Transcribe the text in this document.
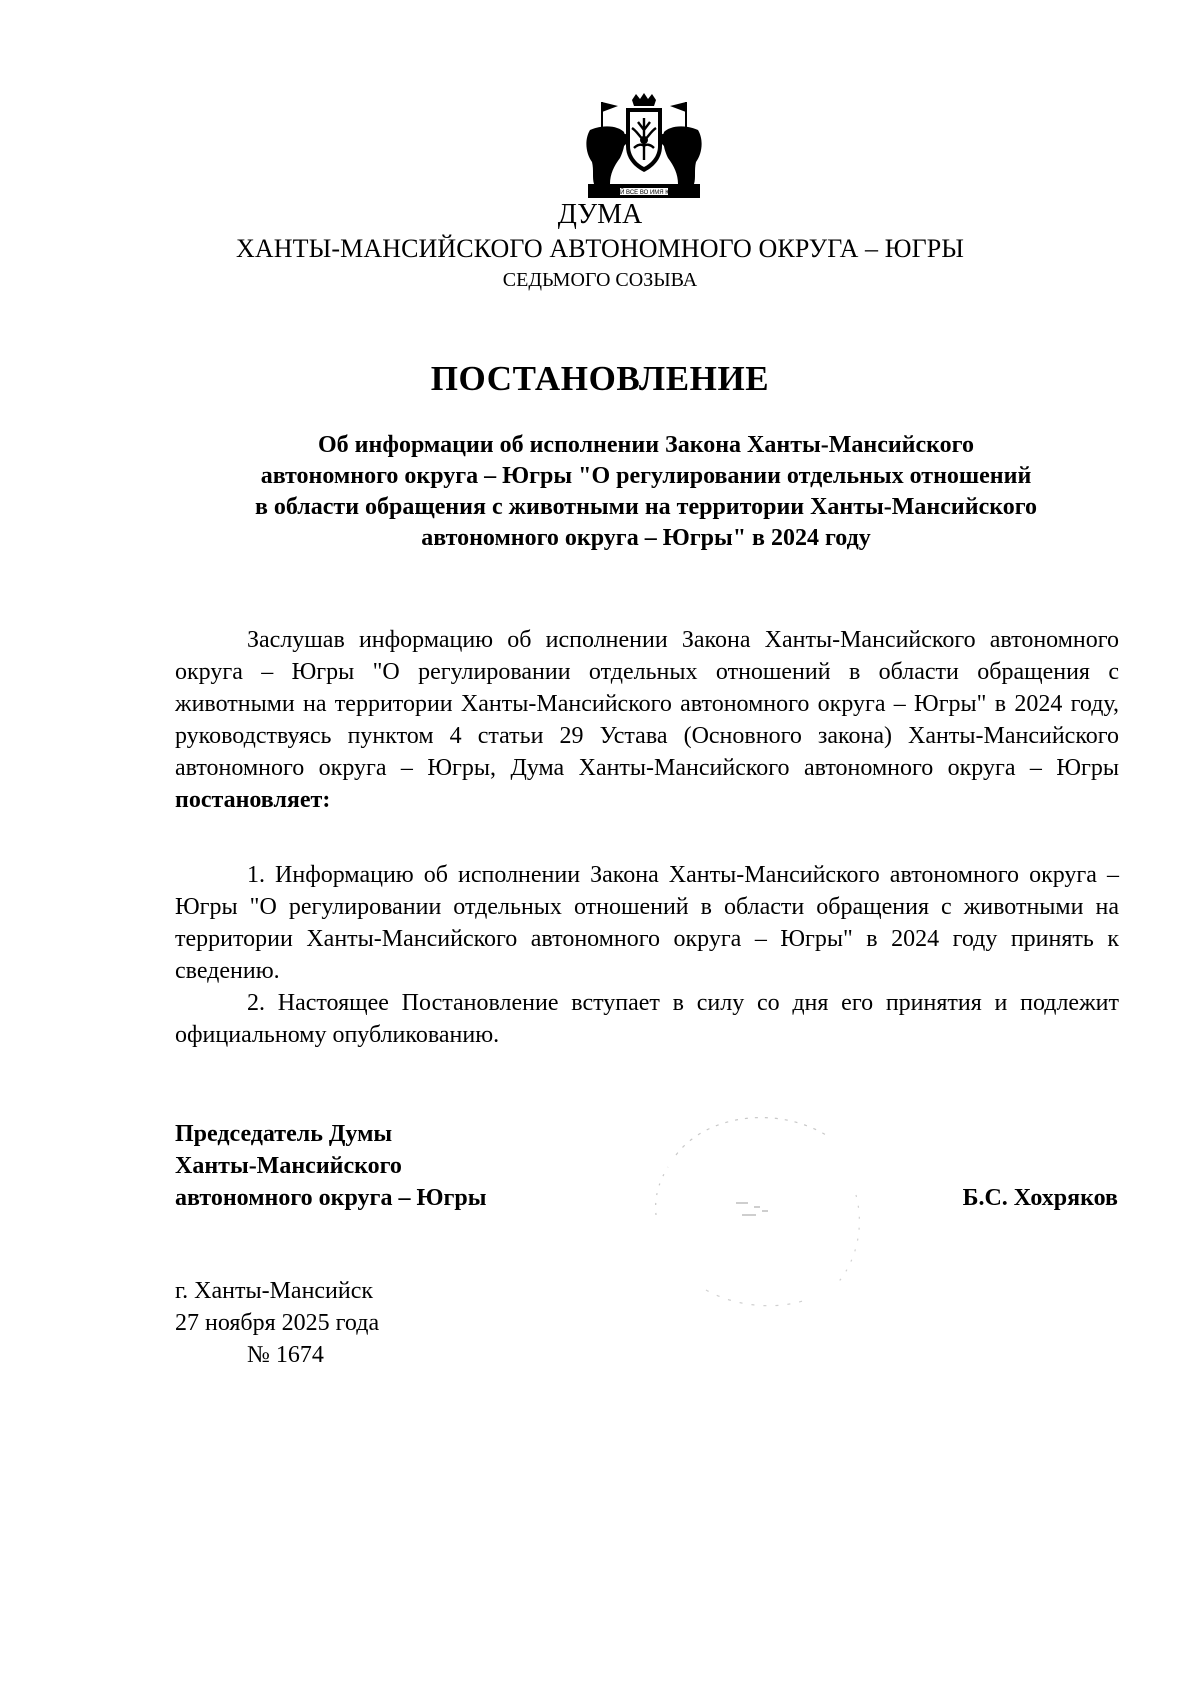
ДЕЛАЙ ВСЕ ВО ИМЯ ЮГРЫ
ДУМА
ХАНТЫ-МАНСИЙСКОГО АВТОНОМНОГО ОКРУГА – ЮГРЫ
СЕДЬМОГО СОЗЫВА
ПОСТАНОВЛЕНИЕ
Об информации об исполнении Закона Ханты-Мансийского
автономного округа – Югры "О регулировании отдельных отношений
в области обращения с животными на территории Ханты-Мансийского
автономного округа – Югры" в 2024 году
Заслушав информацию об исполнении Закона Ханты-Мансийского автономного округа – Югры "О регулировании отдельных отношений в области обращения с животными на территории Ханты-Мансийского автономного округа – Югры" в 2024 году, руководствуясь пунктом 4 статьи 29 Устава (Основного закона) Ханты-Мансийского автономного округа – Югры, Дума Ханты-Мансийского автономного округа – Югры постановляет:
1. Информацию об исполнении Закона Ханты-Мансийского автономного округа – Югры "О регулировании отдельных отношений в области обращения с животными на территории Ханты-Мансийского автономного округа – Югры" в 2024 году принять к сведению.
2. Настоящее Постановление вступает в силу со дня его принятия и подлежит официальному опубликованию.
Председатель Думы
Ханты-Мансийского
автономного округа – Югры	Б.С. Хохряков
г. Ханты-Мансийск
27 ноября 2025 года
№ 1674
